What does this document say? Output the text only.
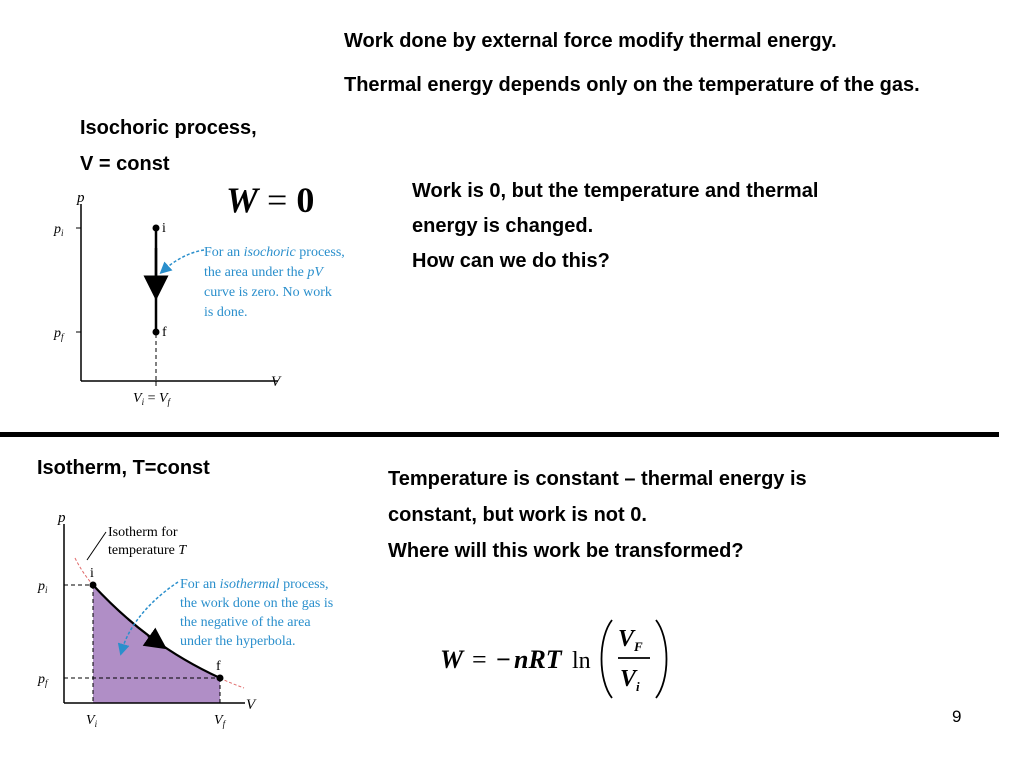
Work done by external force modify thermal energy.
Thermal energy depends only on the temperature of the gas.
Isochoric process,
V = const
W = 0	Work is 0, but the temperature and thermal
energy is changed.
How can we do this?
p
V
$p_i$
$p_f$
i
f
$V_i = V_f$
For an isochoric process,
the area under the pV
curve is zero. No work
is done.
Isotherm, T=const	Temperature is constant – thermal energy is
constant, but work is not 0.
Where will this work be transformed?
W = − nRT ln
$V_F$
$V_i$
p
V
i
f
$p_i$
$p_f$
$V_i$	$V_f$
Isotherm for
temperature T
For an isothermal process,
the work done on the gas is
the negative of the area
under the hyperbola.
9
